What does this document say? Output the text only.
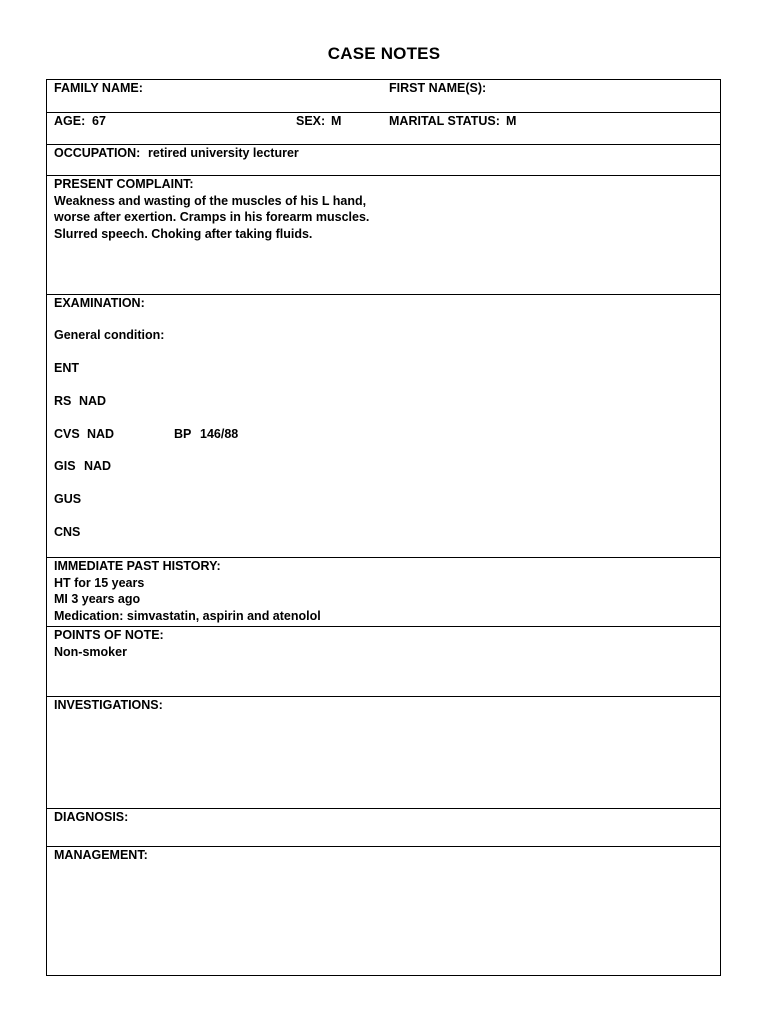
CASE NOTES
FAMILY NAME:	FIRST NAME(S):
AGE: 67	SEX: M	MARITAL STATUS: M
OCCUPATION: retired university lecturer
PRESENT COMPLAINT:
Weakness and wasting of the muscles of his L hand,
worse after exertion. Cramps in his forearm muscles.
Slurred speech. Choking after taking fluids.
EXAMINATION:
General condition:
ENT
RS NAD
CVS NAD	BP 146/88
GIS NAD
GUS
CNS
IMMEDIATE PAST HISTORY:
HT for 15 years
MI 3 years ago
Medication: simvastatin, aspirin and atenolol
POINTS OF NOTE:
Non-smoker
INVESTIGATIONS:
DIAGNOSIS:
MANAGEMENT:
